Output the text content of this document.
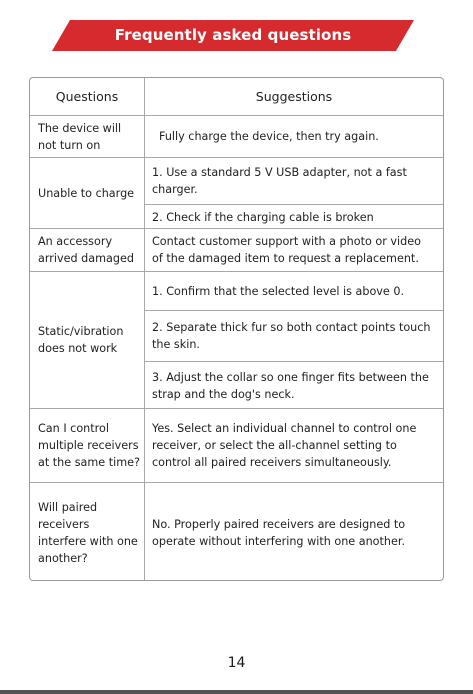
Frequently asked questions
Questions	Suggestions
The device will not turn on
Fully charge the device, then try again.
Unable to charge
1. Use a standard 5 V USB adapter, not a fast charger.
2. Check if the charging cable is broken
An accessory arrived damaged
Contact customer support with a photo or video of the damaged item to request a replacement.
Static/vibration does not work
1. Confirm that the selected level is above 0.
2. Separate thick fur so both contact points touch the skin.
3. Adjust the collar so one finger fits between the strap and the dog's neck.
Can I control multiple receivers at the same time?
Yes. Select an individual channel to control one receiver, or select the all-channel setting to control all paired receivers simultaneously.
Will paired receivers interfere with one another?
No. Properly paired receivers are designed to operate without interfering with one another.
14
